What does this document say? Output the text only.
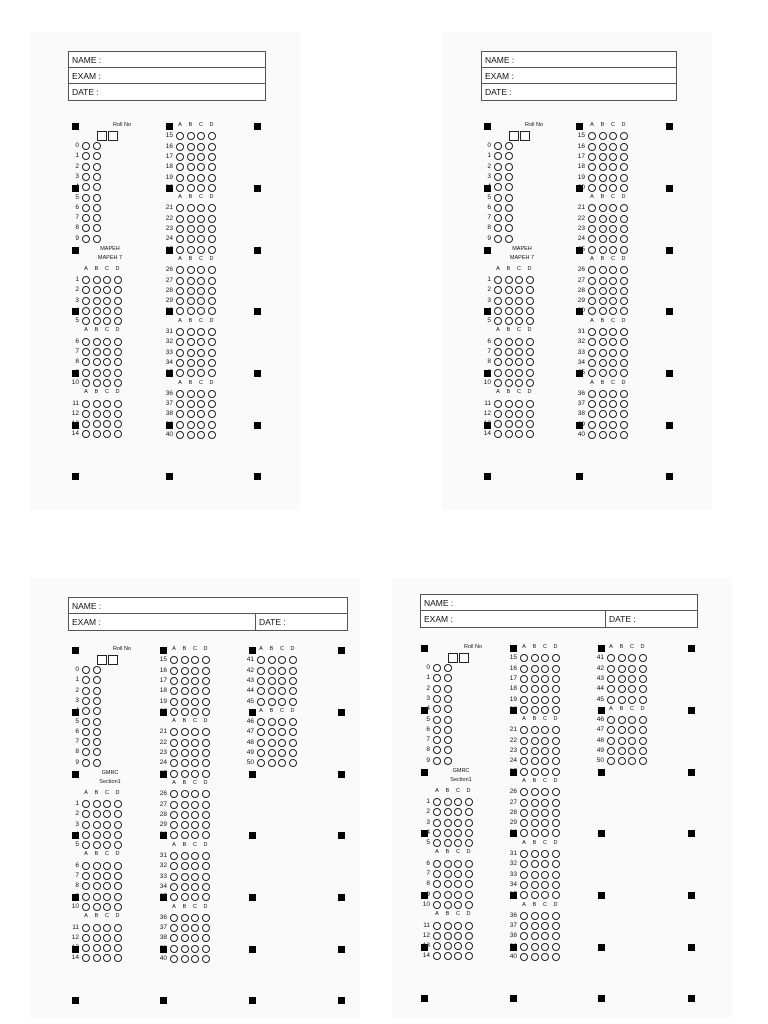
NAME :
EXAM :
DATE :
Roll No
0
1
2
3
4
5
6
7
8
9
MAPEH
MAPEH 7
A	B	C	D
1
2
3
4
5
A	B	C	D
6
7
8
9
10
A	B	C	D
11
12
13
14
A	B	C	D
15
16
17
18
19
20
A	B	C	D
21
22
23
24
25
A	B	C	D
26
27
28
29
30
A	B	C	D
31
32
33
34
35
A	B	C	D
36
37
38
39
40
NAME :
EXAM :
DATE :
Roll No
0
1
2
3
4
5
6
7
8
9
MAPEH
MAPEH 7
A	B	C	D
1
2
3
4
5
A	B	C	D
6
7
8
9
10
A	B	C	D
11
12
13
14
A	B	C	D
15
16
17
18
19
20
A	B	C	D
21
22
23
24
25
A	B	C	D
26
27
28
29
30
A	B	C	D
31
32
33
34
35
A	B	C	D
36
37
38
39
40
NAME :
EXAM :	DATE :
Roll No
0
1
2
3
4
5
6
7
8
9
GMRC
Section1
A	B	C	D
1
2
3
4
5
A	B	C	D
6
7
8
9
10
A	B	C	D
11
12
13
14
A	B	C	D
15
16
17
18
19
20
A	B	C	D
21
22
23
24
25
A	B	C	D
26
27
28
29
30
A	B	C	D
31
32
33
34
35
A	B	C	D
36
37
38
39
40
A	B	C	D
41
42
43
44
45
A	B	C	D
46
47
48
49
50
NAME :
EXAM :	DATE :
Roll No
0
1
2
3
4
5
6
7
8
9
GMRC
Section1
A	B	C	D
1
2
3
4
5
A	B	C	D
6
7
8
9
10
A	B	C	D
11
12
13
14
A	B	C	D
15
16
17
18
19
20
A	B	C	D
21
22
23
24
25
A	B	C	D
26
27
28
29
30
A	B	C	D
31
32
33
34
35
A	B	C	D
36
37
38
39
40
A	B	C	D
41
42
43
44
45
A	B	C	D
46
47
48
49
50
